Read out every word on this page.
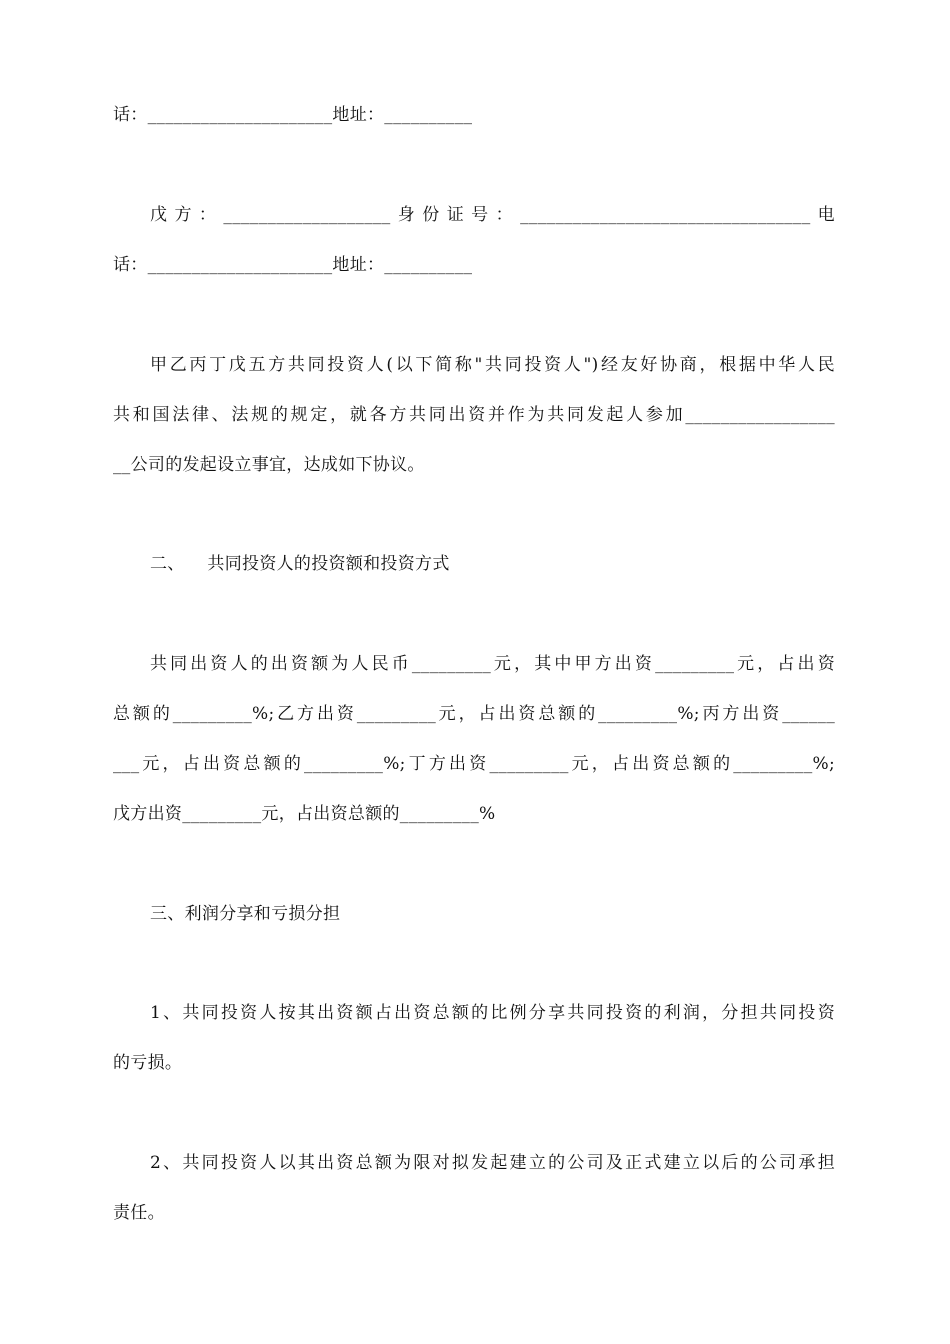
话：_____________________地址：__________
戊方：___________________身份证号：_________________________________电
话：_____________________地址：__________
甲乙丙丁戊五方共同投资人(以下简称"共同投资人")经友好协商，根据中华人民
共和国法律、法规的规定，就各方共同出资并作为共同发起人参加_________________
__公司的发起设立事宜，达成如下协议。
二、    共同投资人的投资额和投资方式
共同出资人的出资额为人民币_________元，其中甲方出资_________元，占出资
总额的_________%;乙方出资_________元，占出资总额的_________%;丙方出资______
___元，占出资总额的_________%;丁方出资_________元，占出资总额的_________%;
戊方出资_________元，占出资总额的_________%
三、利润分享和亏损分担
1、共同投资人按其出资额占出资总额的比例分享共同投资的利润，分担共同投资
的亏损。
2、共同投资人以其出资总额为限对拟发起建立的公司及正式建立以后的公司承担
责任。
